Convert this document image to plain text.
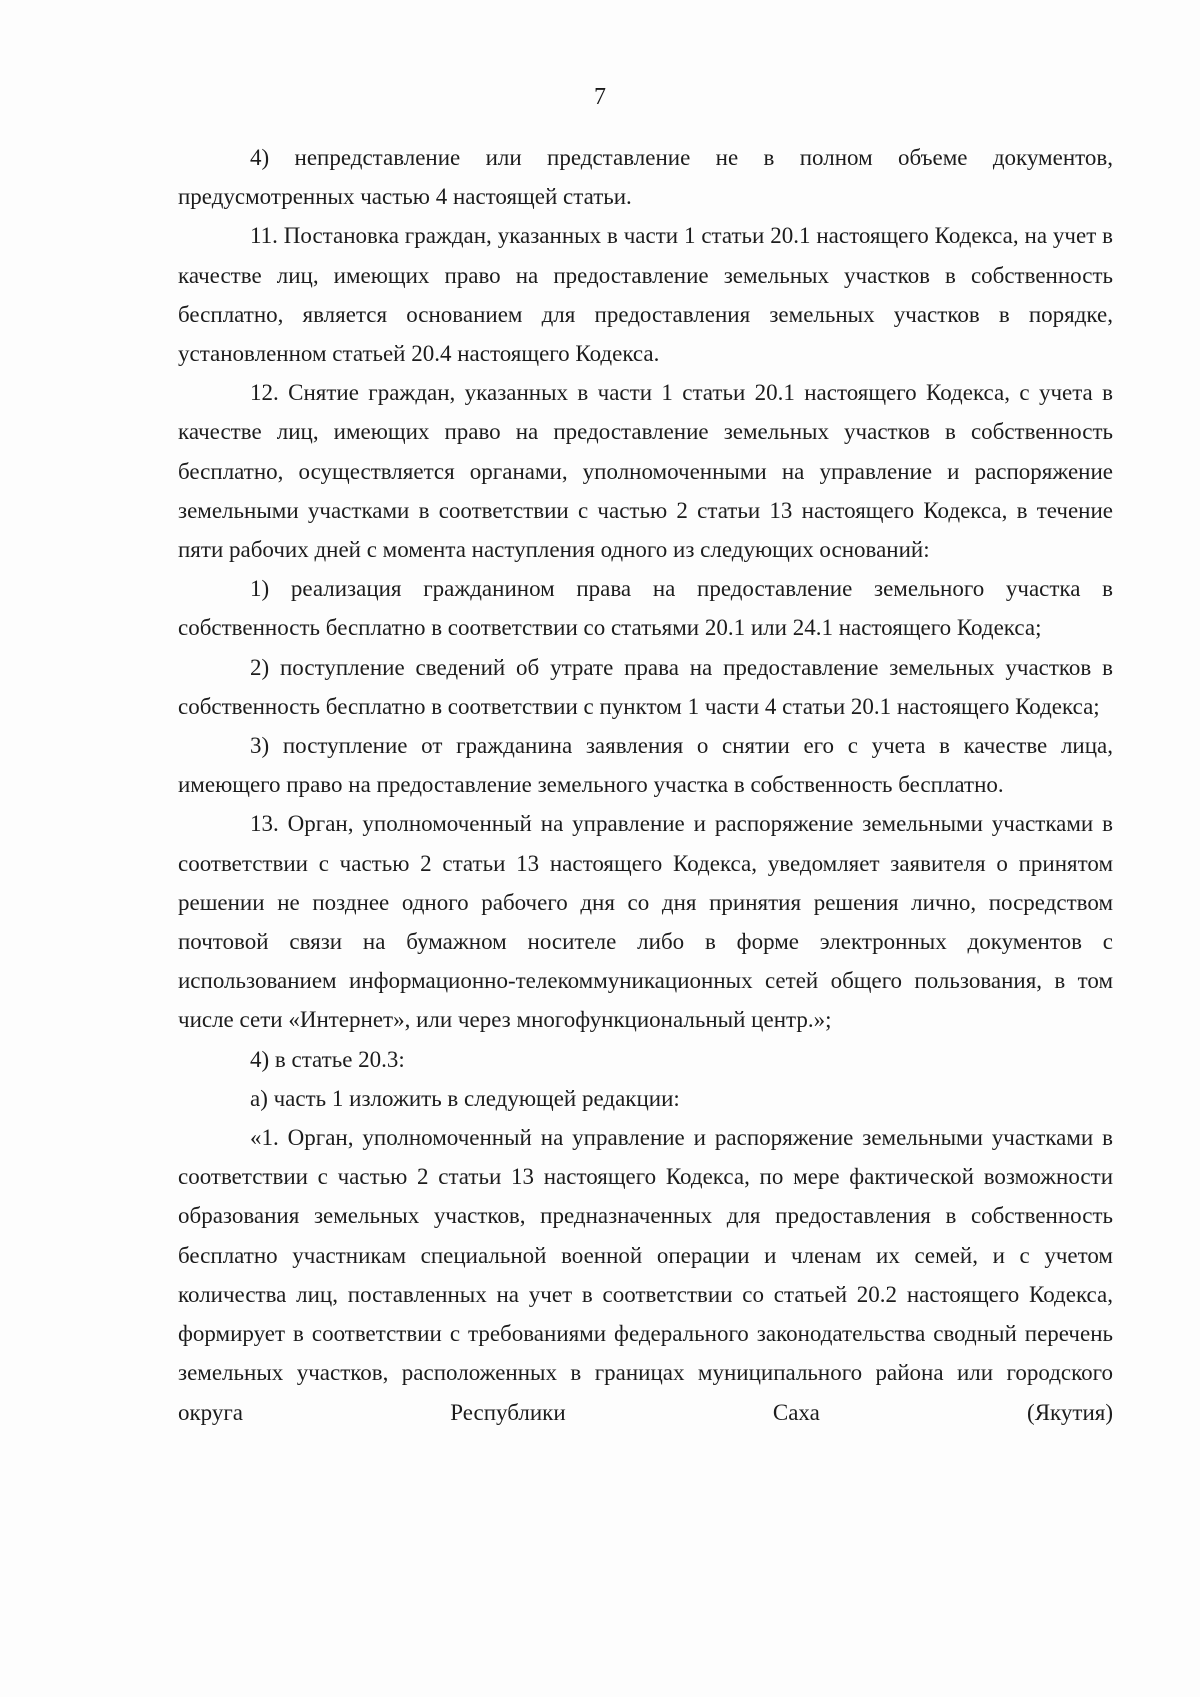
7

4) непредставление или представление не в полном объеме документов, предусмотренных частью 4 настоящей статьи.

11. Постановка граждан, указанных в части 1 статьи 20.1 настоящего Кодекса, на учет в качестве лиц, имеющих право на предоставление земельных участков в собственность бесплатно, является основанием для предоставления земельных участков в порядке, установленном статьей 20.4 настоящего Кодекса.

12. Снятие граждан, указанных в части 1 статьи 20.1 настоящего Кодекса, с учета в качестве лиц, имеющих право на предоставление земельных участков в собственность бесплатно, осуществляется органами, уполномоченными на управление и распоряжение земельными участками в соответствии с частью 2 статьи 13 настоящего Кодекса, в течение пяти рабочих дней с момента наступления одного из следующих оснований:

1) реализация гражданином права на предоставление земельного участка в собственность бесплатно в соответствии со статьями 20.1 или 24.1 настоящего Кодекса;

2) поступление сведений об утрате права на предоставление земельных участков в собственность бесплатно в соответствии с пунктом 1 части 4 статьи 20.1 настоящего Кодекса;

3) поступление от гражданина заявления о снятии его с учета в качестве лица, имеющего право на предоставление земельного участка в собственность бесплатно.

13. Орган, уполномоченный на управление и распоряжение земельными участками в соответствии с частью 2 статьи 13 настоящего Кодекса, уведомляет заявителя о принятом решении не позднее одного рабочего дня со дня принятия решения лично, посредством почтовой связи на бумажном носителе либо в форме электронных документов с использованием информационно-телекоммуникационных сетей общего пользования, в том числе сети «Интернет», или через многофункциональный центр.»;

4) в статье 20.3:

а) часть 1 изложить в следующей редакции:

«1. Орган, уполномоченный на управление и распоряжение земельными участками в соответствии с частью 2 статьи 13 настоящего Кодекса, по мере фактической возможности образования земельных участков, предназначенных для предоставления в собственность бесплатно участникам специальной военной операции и членам их семей, и с учетом количества лиц, поставленных на учет в соответствии со статьей 20.2 настоящего Кодекса, формирует в соответствии с требованиями федерального законодательства сводный перечень земельных участков, расположенных в границах муниципального района или городского округа Республики Саха (Якутия)
